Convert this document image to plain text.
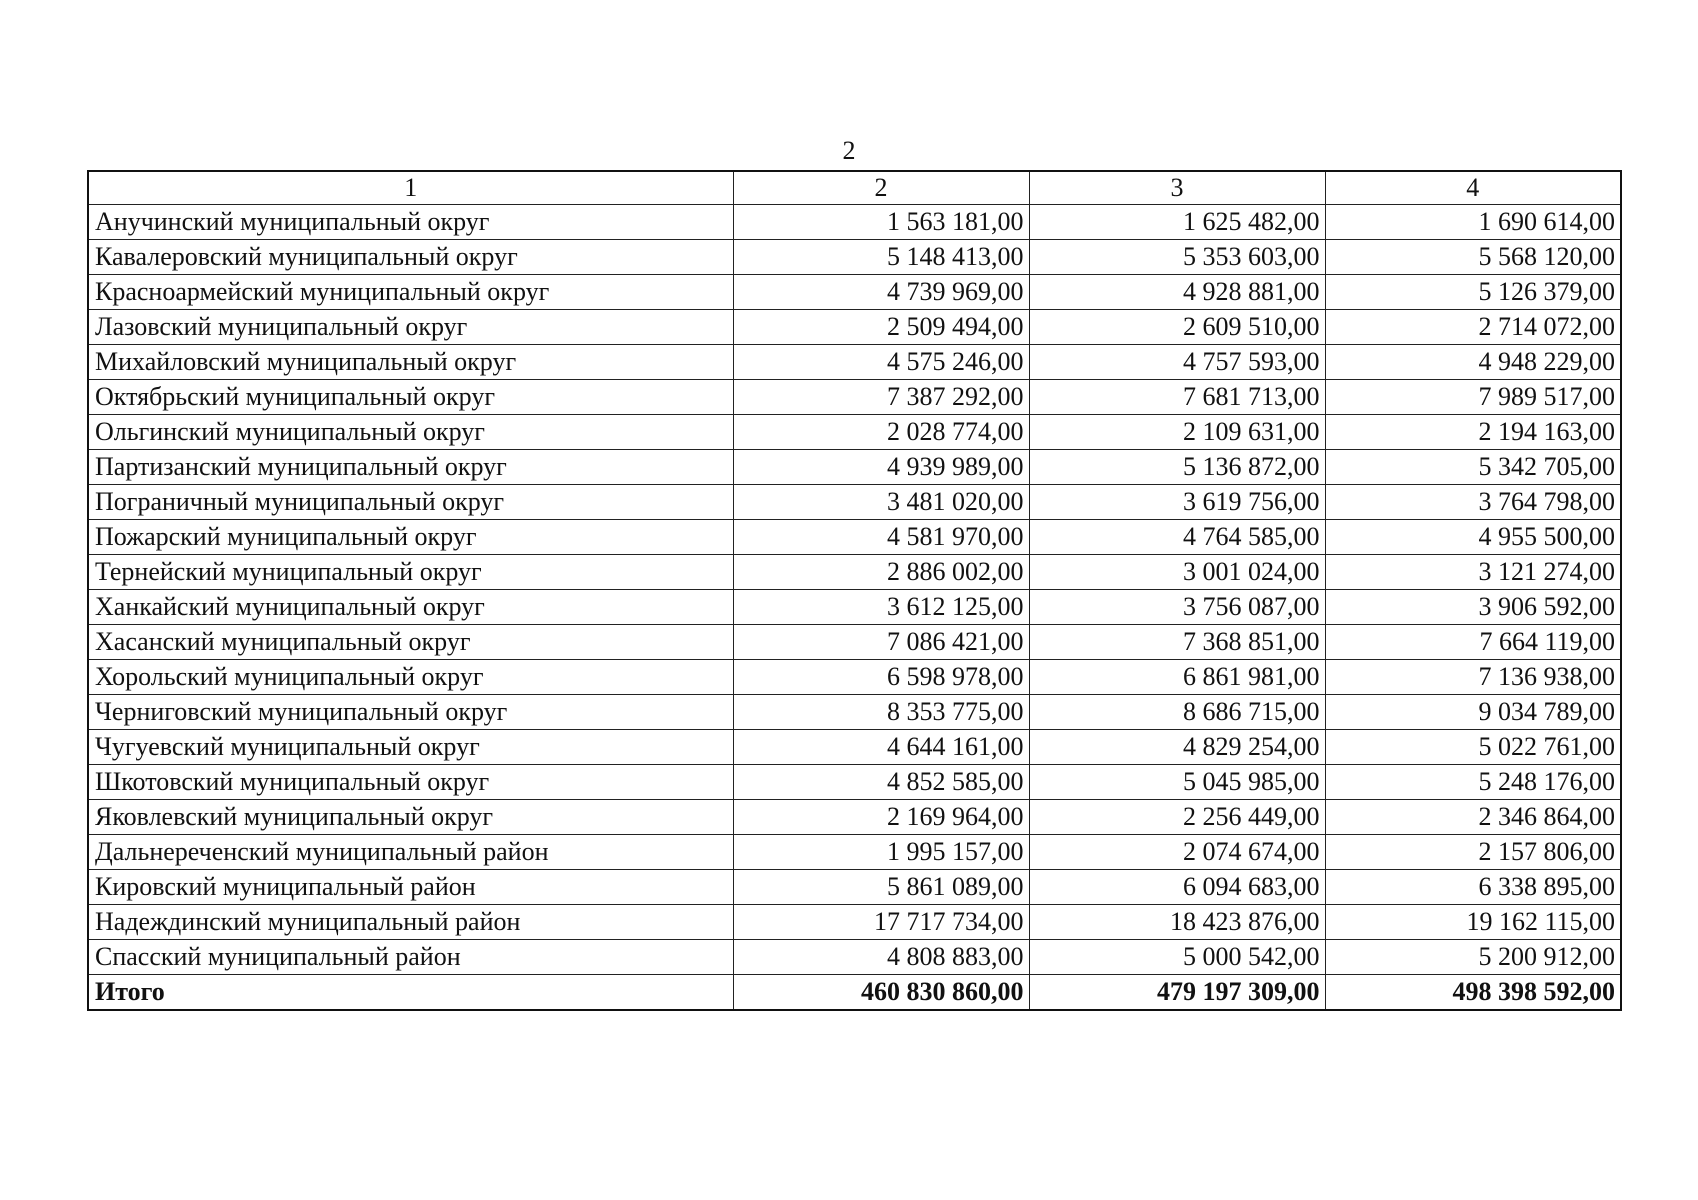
2
1	2	3	4
Анучинский муниципальный округ	1 563 181,00	1 625 482,00	1 690 614,00
Кавалеровский муниципальный округ	5 148 413,00	5 353 603,00	5 568 120,00
Красноармейский муниципальный округ	4 739 969,00	4 928 881,00	5 126 379,00
Лазовский муниципальный округ	2 509 494,00	2 609 510,00	2 714 072,00
Михайловский муниципальный округ	4 575 246,00	4 757 593,00	4 948 229,00
Октябрьский муниципальный округ	7 387 292,00	7 681 713,00	7 989 517,00
Ольгинский муниципальный округ	2 028 774,00	2 109 631,00	2 194 163,00
Партизанский муниципальный округ	4 939 989,00	5 136 872,00	5 342 705,00
Пограничный муниципальный округ	3 481 020,00	3 619 756,00	3 764 798,00
Пожарский муниципальный округ	4 581 970,00	4 764 585,00	4 955 500,00
Тернейский муниципальный округ	2 886 002,00	3 001 024,00	3 121 274,00
Ханкайский муниципальный округ	3 612 125,00	3 756 087,00	3 906 592,00
Хасанский муниципальный округ	7 086 421,00	7 368 851,00	7 664 119,00
Хорольский муниципальный округ	6 598 978,00	6 861 981,00	7 136 938,00
Черниговский муниципальный округ	8 353 775,00	8 686 715,00	9 034 789,00
Чугуевский муниципальный округ	4 644 161,00	4 829 254,00	5 022 761,00
Шкотовский муниципальный округ	4 852 585,00	5 045 985,00	5 248 176,00
Яковлевский муниципальный округ	2 169 964,00	2 256 449,00	2 346 864,00
Дальнереченский муниципальный район	1 995 157,00	2 074 674,00	2 157 806,00
Кировский муниципальный район	5 861 089,00	6 094 683,00	6 338 895,00
Надеждинский муниципальный район	17 717 734,00	18 423 876,00	19 162 115,00
Спасский муниципальный район	4 808 883,00	5 000 542,00	5 200 912,00
Итого	460 830 860,00	479 197 309,00	498 398 592,00
